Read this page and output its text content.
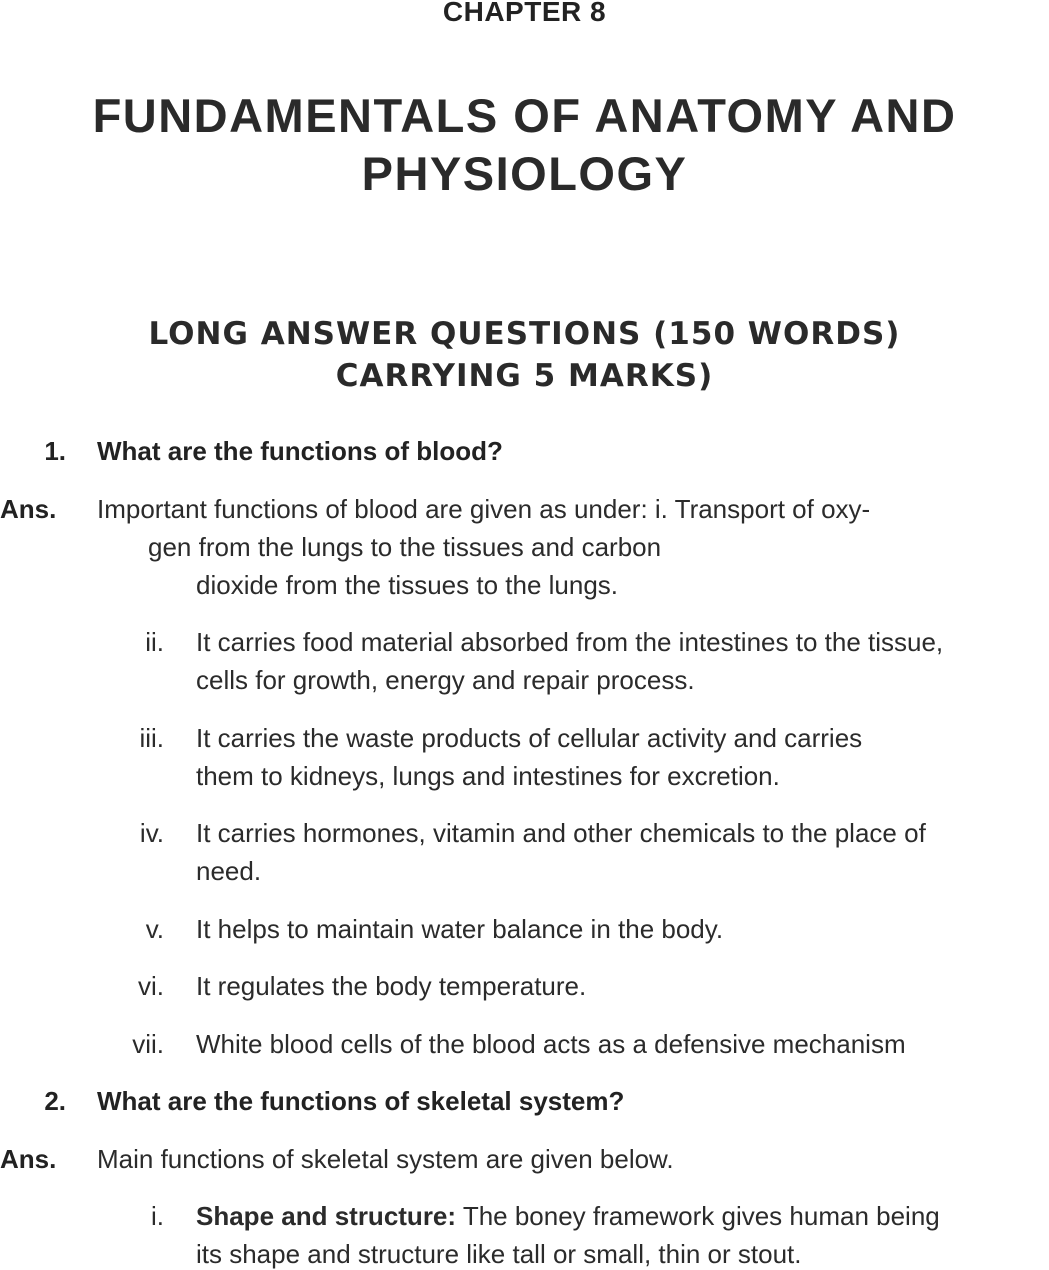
CHAPTER 8
FUNDAMENTALS OF ANATOMY AND
PHYSIOLOGY
LONG ANSWER QUESTIONS (150 WORDS)
CARRYING 5 MARKS)
1. What are the functions of blood?
Ans. Important functions of blood are given as under: i. Transport of oxy-
gen from the lungs to the tissues and carbon
dioxide from the tissues to the lungs.
ii. It carries food material absorbed from the intestines to the tissue,
cells for growth, energy and repair process.
iii. It carries the waste products of cellular activity and carries
them to kidneys, lungs and intestines for excretion.
iv. It carries hormones, vitamin and other chemicals to the place of
need.
v. It helps to maintain water balance in the body.
vi. It regulates the body temperature.
vii. White blood cells of the blood acts as a defensive mechanism
2. What are the functions of skeletal system?
Ans. Main functions of skeletal system are given below.
i. Shape and structure: The boney framework gives human being
its shape and structure like tall or small, thin or stout.
